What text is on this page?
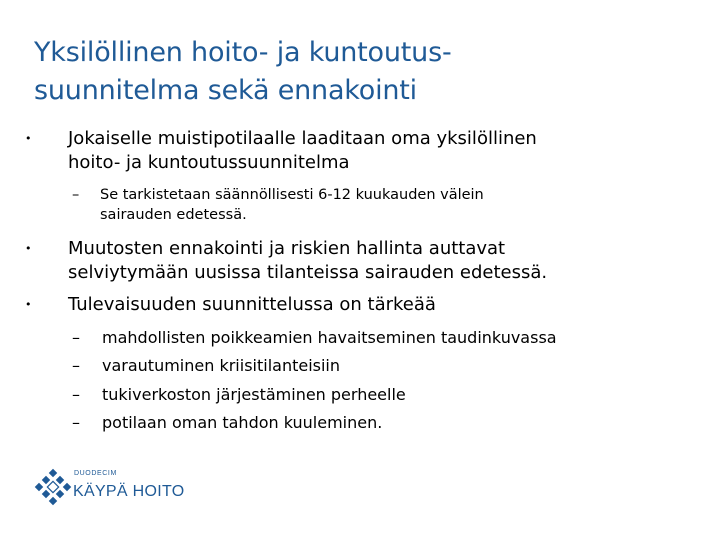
Yksilöllinen hoito- ja kuntoutus-
suunnitelma sekä ennakointi
• Jokaiselle muistipotilaalle laaditaan oma yksilöllinen

hoito- ja kuntoutussuunnitelma

– Se tarkistetaan säännöllisesti 6-12 kuukauden välein

sairauden edetessä.

• Muutosten ennakointi ja riskien hallinta auttavat

selviytymään uusissa tilanteissa sairauden edetessä.

• Tulevaisuuden suunnittelussa on tärkeää

– mahdollisten poikkeamien havaitseminen taudinkuvassa
– varautuminen kriisitilanteisiin
– tukiverkoston järjestäminen perheelle
– potilaan oman tahdon kuuleminen.
DUODECIM
KÄYPÄ HOITO
